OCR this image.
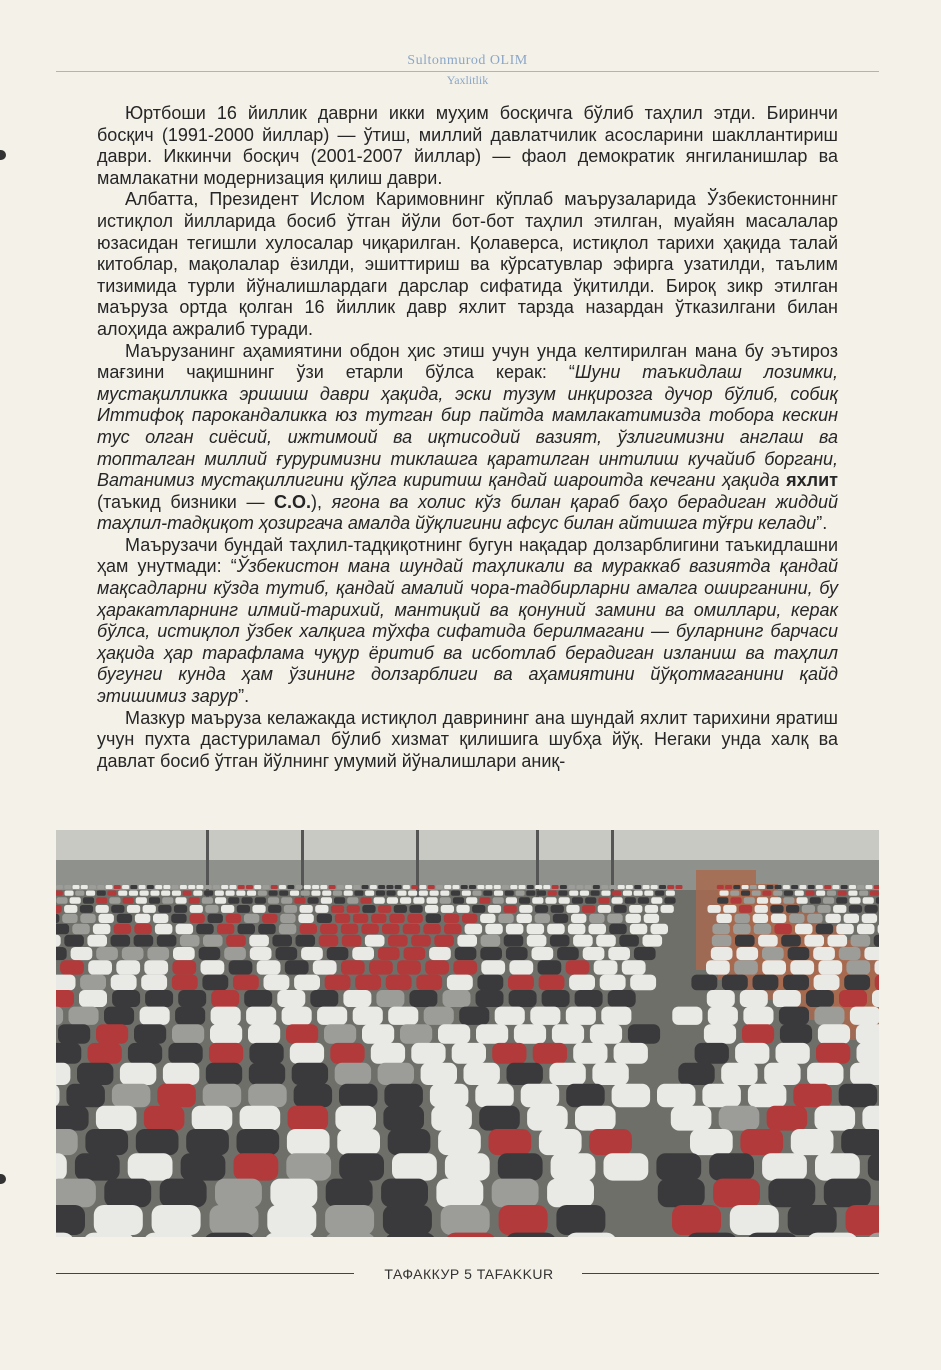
Sultonmurod OLIM
Yaxlitlik

Юртбоши 16 йиллик даврни икки муҳим босқичга бўлиб таҳлил этди. Биринчи босқич (1991-2000 йиллар) — ўтиш, миллий давлатчилик асосларини шакллантириш даври. Иккинчи босқич (2001-2007 йиллар) — фаол демократик янгиланишлар ва мамлакатни модернизация қилиш даври.

Албатта, Президент Ислом Каримовнинг кўплаб маърузаларида Ўзбекистоннинг истиқлол йилларида босиб ўтган йўли бот-бот таҳлил этилган, муайян масалалар юзасидан тегишли хулосалар чиқарилган. Қолаверса, истиқлол тарихи ҳақида талай китоблар, мақолалар ёзилди, эшиттириш ва кўрсатувлар эфирга узатилди, таълим тизимида турли йўналишлардаги дарслар сифатида ўқитилди. Бироқ зикр этилган маъруза ортда қолган 16 йиллик давр яхлит тарзда назардан ўтказилгани билан алоҳида ажралиб туради.

Маърузанинг аҳамиятини обдон ҳис этиш учун унда келтирилган мана бу эътироз мағзини чақишнинг ўзи етарли бўлса керак: “Шуни таъкидлаш лозимки, мустақилликка эришиш даври ҳақида, эски тузум инқирозга дучор бўлиб, собиқ Иттифоқ парокандаликка юз тутган бир пайтда мамлакатимизда тобора кескин тус олган сиёсий, ижтимоий ва иқтисодий вазият, ўзлигимизни англаш ва топталган миллий ғуруримизни тиклашга қаратилган интилиш кучайиб боргани, Ватанимиз мустақиллигини қўлга киритиш қандай шароитда кечгани ҳақида яхлит (таъкид бизники — С.О.), ягона ва холис кўз билан қараб баҳо берадиган жиддий таҳлил-тадқиқот ҳозиргача амалда йўқлигини афсус билан айтишга тўғри келади”.

Маърузачи бундай таҳлил-тадқиқотнинг бугун нақадар долзарблигини таъкидлашни ҳам унутмади: “Ўзбекистон мана шундай таҳликали ва мураккаб вазиятда қандай мақсадларни кўзда тутиб, қандай амалий чора-тадбирларни амалга оширганини, бу ҳаракатларнинг илмий-тарихий, мантиқий ва қонуний замини ва омиллари, керак бўлса, истиқлол ўзбек халқига тўхфа сифатида берилмагани — буларнинг барчаси ҳақида ҳар тарафлама чуқур ёритиб ва исботлаб берадиган изланиш ва таҳлил бугунги кунда ҳам ўзининг долзарблиги ва аҳамиятини йўқотмаганини қайд этишимиз зарур”.

Мазкур маъруза келажакда истиқлол даврининг ана шундай яхлит тарихини яратиш учун пухта дастуриламал бўлиб хизмат қилишига шубҳа йўқ. Негаки унда халқ ва давлат босиб ўтган йўлнинг умумий йўналишлари аниқ-

ТАФАККУР 5 TAFAKKUR
